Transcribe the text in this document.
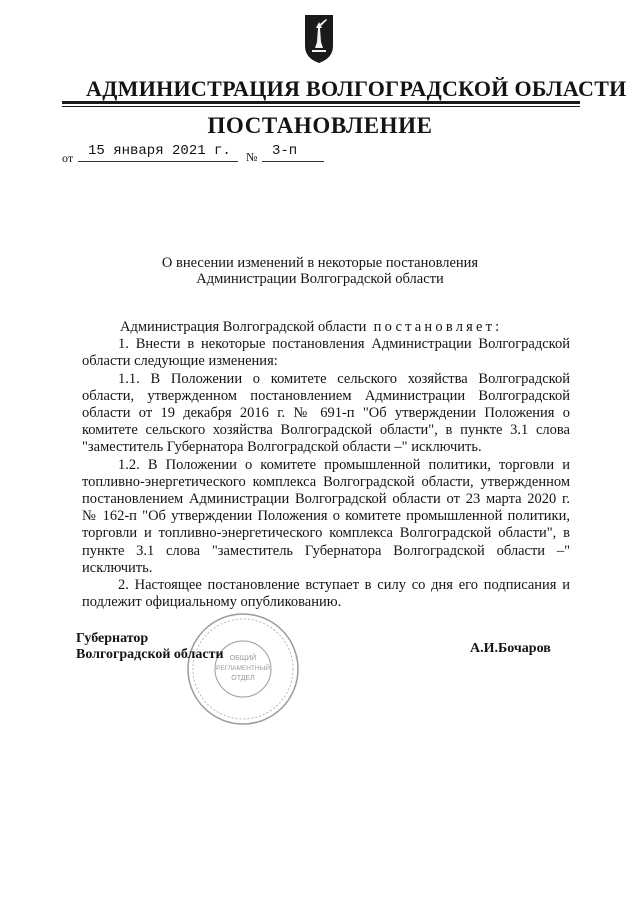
АДМИНИСТРАЦИЯ ВОЛГОГРАДСКОЙ ОБЛАСТИ
ПОСТАНОВЛЕНИЕ
от 15 января 2021 г. № 3-п
О внесении изменений в некоторые постановления
Администрации Волгоградской области

Администрация Волгоградской области постановляет:

1. Внести в некоторые постановления Администрации Волгоградской области следующие изменения:

1.1. В Положении о комитете сельского хозяйства Волгоградской области, утвержденном постановлением Администрации Волгоградской области от 19 декабря 2016 г. № 691-п "Об утверждении Положения о комитете сельского хозяйства Волгоградской области", в пункте 3.1 слова "заместитель Губернатора Волгоградской области –" исключить.

1.2. В Положении о комитете промышленной политики, торговли и топливно-энергетического комплекса Волгоградской области, утвержденном постановлением Администрации Волгоградской области от 23 марта 2020 г. № 162-п "Об утверждении Положения о комитете промышленной политики, торговли и топливно-энергетического комплекса Волгоградской области", в пункте 3.1 слова "заместитель Губернатора Волгоградской области –" исключить.

2. Настоящее постановление вступает в силу со дня его подписания и подлежит официальному опубликованию.

ОБЩИЙ
РЕГЛАМЕНТНЫЙ
ОТДЕЛ
Губернатор
Волгоградской области	А.И.Бочаров
